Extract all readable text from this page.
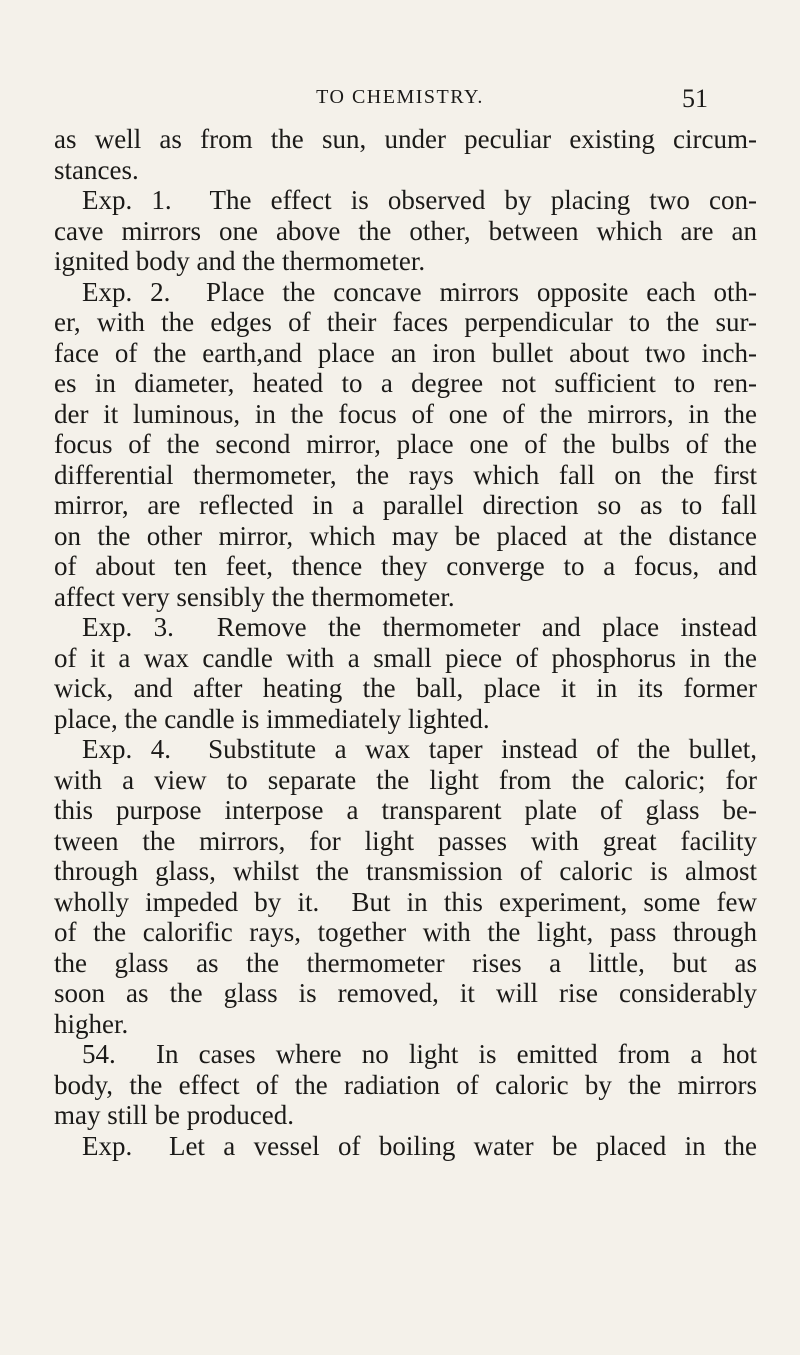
TO CHEMISTRY.	51
as well as from the sun, under peculiar existing circum-
stances.
Exp. 1.  The effect is observed by placing two con-
cave mirrors one above the other, between which are an
ignited body and the thermometer.
Exp. 2.  Place the concave mirrors opposite each oth-
er, with the edges of their faces perpendicular to the sur-
face of the earth,and place an iron bullet about two inch-
es in diameter, heated to a degree not sufficient to ren-
der it luminous, in the focus of one of the mirrors, in the
focus of the second mirror, place one of the bulbs of the
differential thermometer, the rays which fall on the first
mirror, are reflected in a parallel direction so as to fall
on the other mirror, which may be placed at the distance
of about ten feet, thence they converge to a focus, and
affect very sensibly the thermometer.
Exp. 3.  Remove the thermometer and place instead
of it a wax candle with a small piece of phosphorus in the
wick, and after heating the ball, place it in its former
place, the candle is immediately lighted.
Exp. 4.  Substitute a wax taper instead of the bullet,
with a view to separate the light from the caloric; for
this purpose interpose a transparent plate of glass be-
tween the mirrors, for light passes with great facility
through glass, whilst the transmission of caloric is almost
wholly impeded by it.  But in this experiment, some few
of the calorific rays, together with the light, pass through
the glass as the thermometer rises a little, but as
soon as the glass is removed, it will rise considerably
higher.
54.  In cases where no light is emitted from a hot
body, the effect of the radiation of caloric by the mirrors
may still be produced.
Exp.  Let a vessel of boiling water be placed in the
